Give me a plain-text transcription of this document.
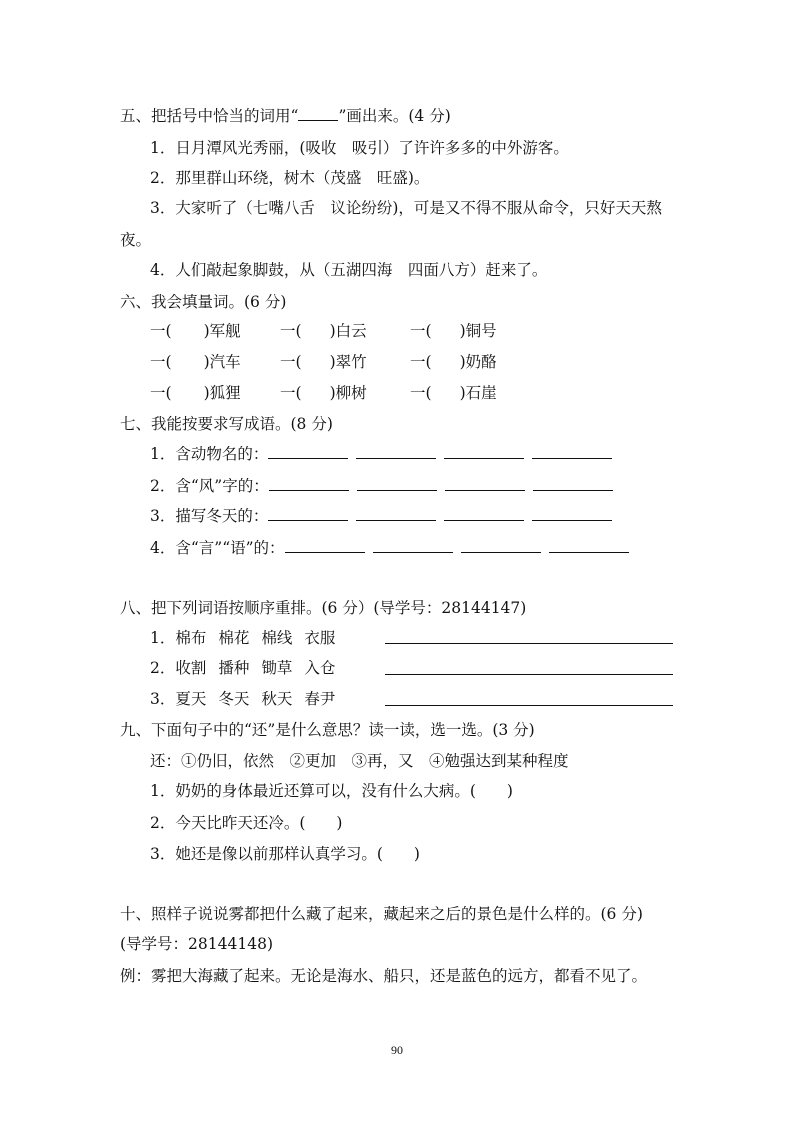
五、把括号中恰当的词用“	”画出来。(4 分)
1．日月潭风光秀丽，(吸收　吸引）了许许多多的中外游客。
2．那里群山环绕，树木（茂盛　旺盛)。
3．大家听了（七嘴八舌　议论纷纷)，可是又不得不服从命令，只好天天熬
夜。
4．人们敲起象脚鼓，从（五湖四海　四面八方）赶来了。
六、我会填量词。(6 分)
一( )军舰	一( )白云	一( )铜号
一( )汽车	一( )翠竹	一( )奶酪
一( )狐狸	一( )柳树	一( )石崖
七、我能按要求写成语。(8 分)
1．含动物名的：
2．含“风”字的：
3．描写冬天的：
4．含“言”“语”的：
八、把下列词语按顺序重排。(6 分）(导学号：28144147)
1．棉布 棉花 棉线 衣服
2．收割 播种 锄草 入仓
3．夏天 冬天 秋天 春尹
九、下面句子中的“还”是什么意思？读一读，选一选。(3 分)
还：①仍旧，依然　②更加　③再，又　④勉强达到某种程度
1．奶奶的身体最近还算可以，没有什么大病。(　　)
2．今天比昨天还冷。(　　)
3．她还是像以前那样认真学习。(　　)
十、照样子说说雾都把什么藏了起来，藏起来之后的景色是什么样的。(6 分)
(导学号：28144148)
例：雾把大海藏了起来。无论是海水、船只，还是蓝色的远方，都看不见了。
90
